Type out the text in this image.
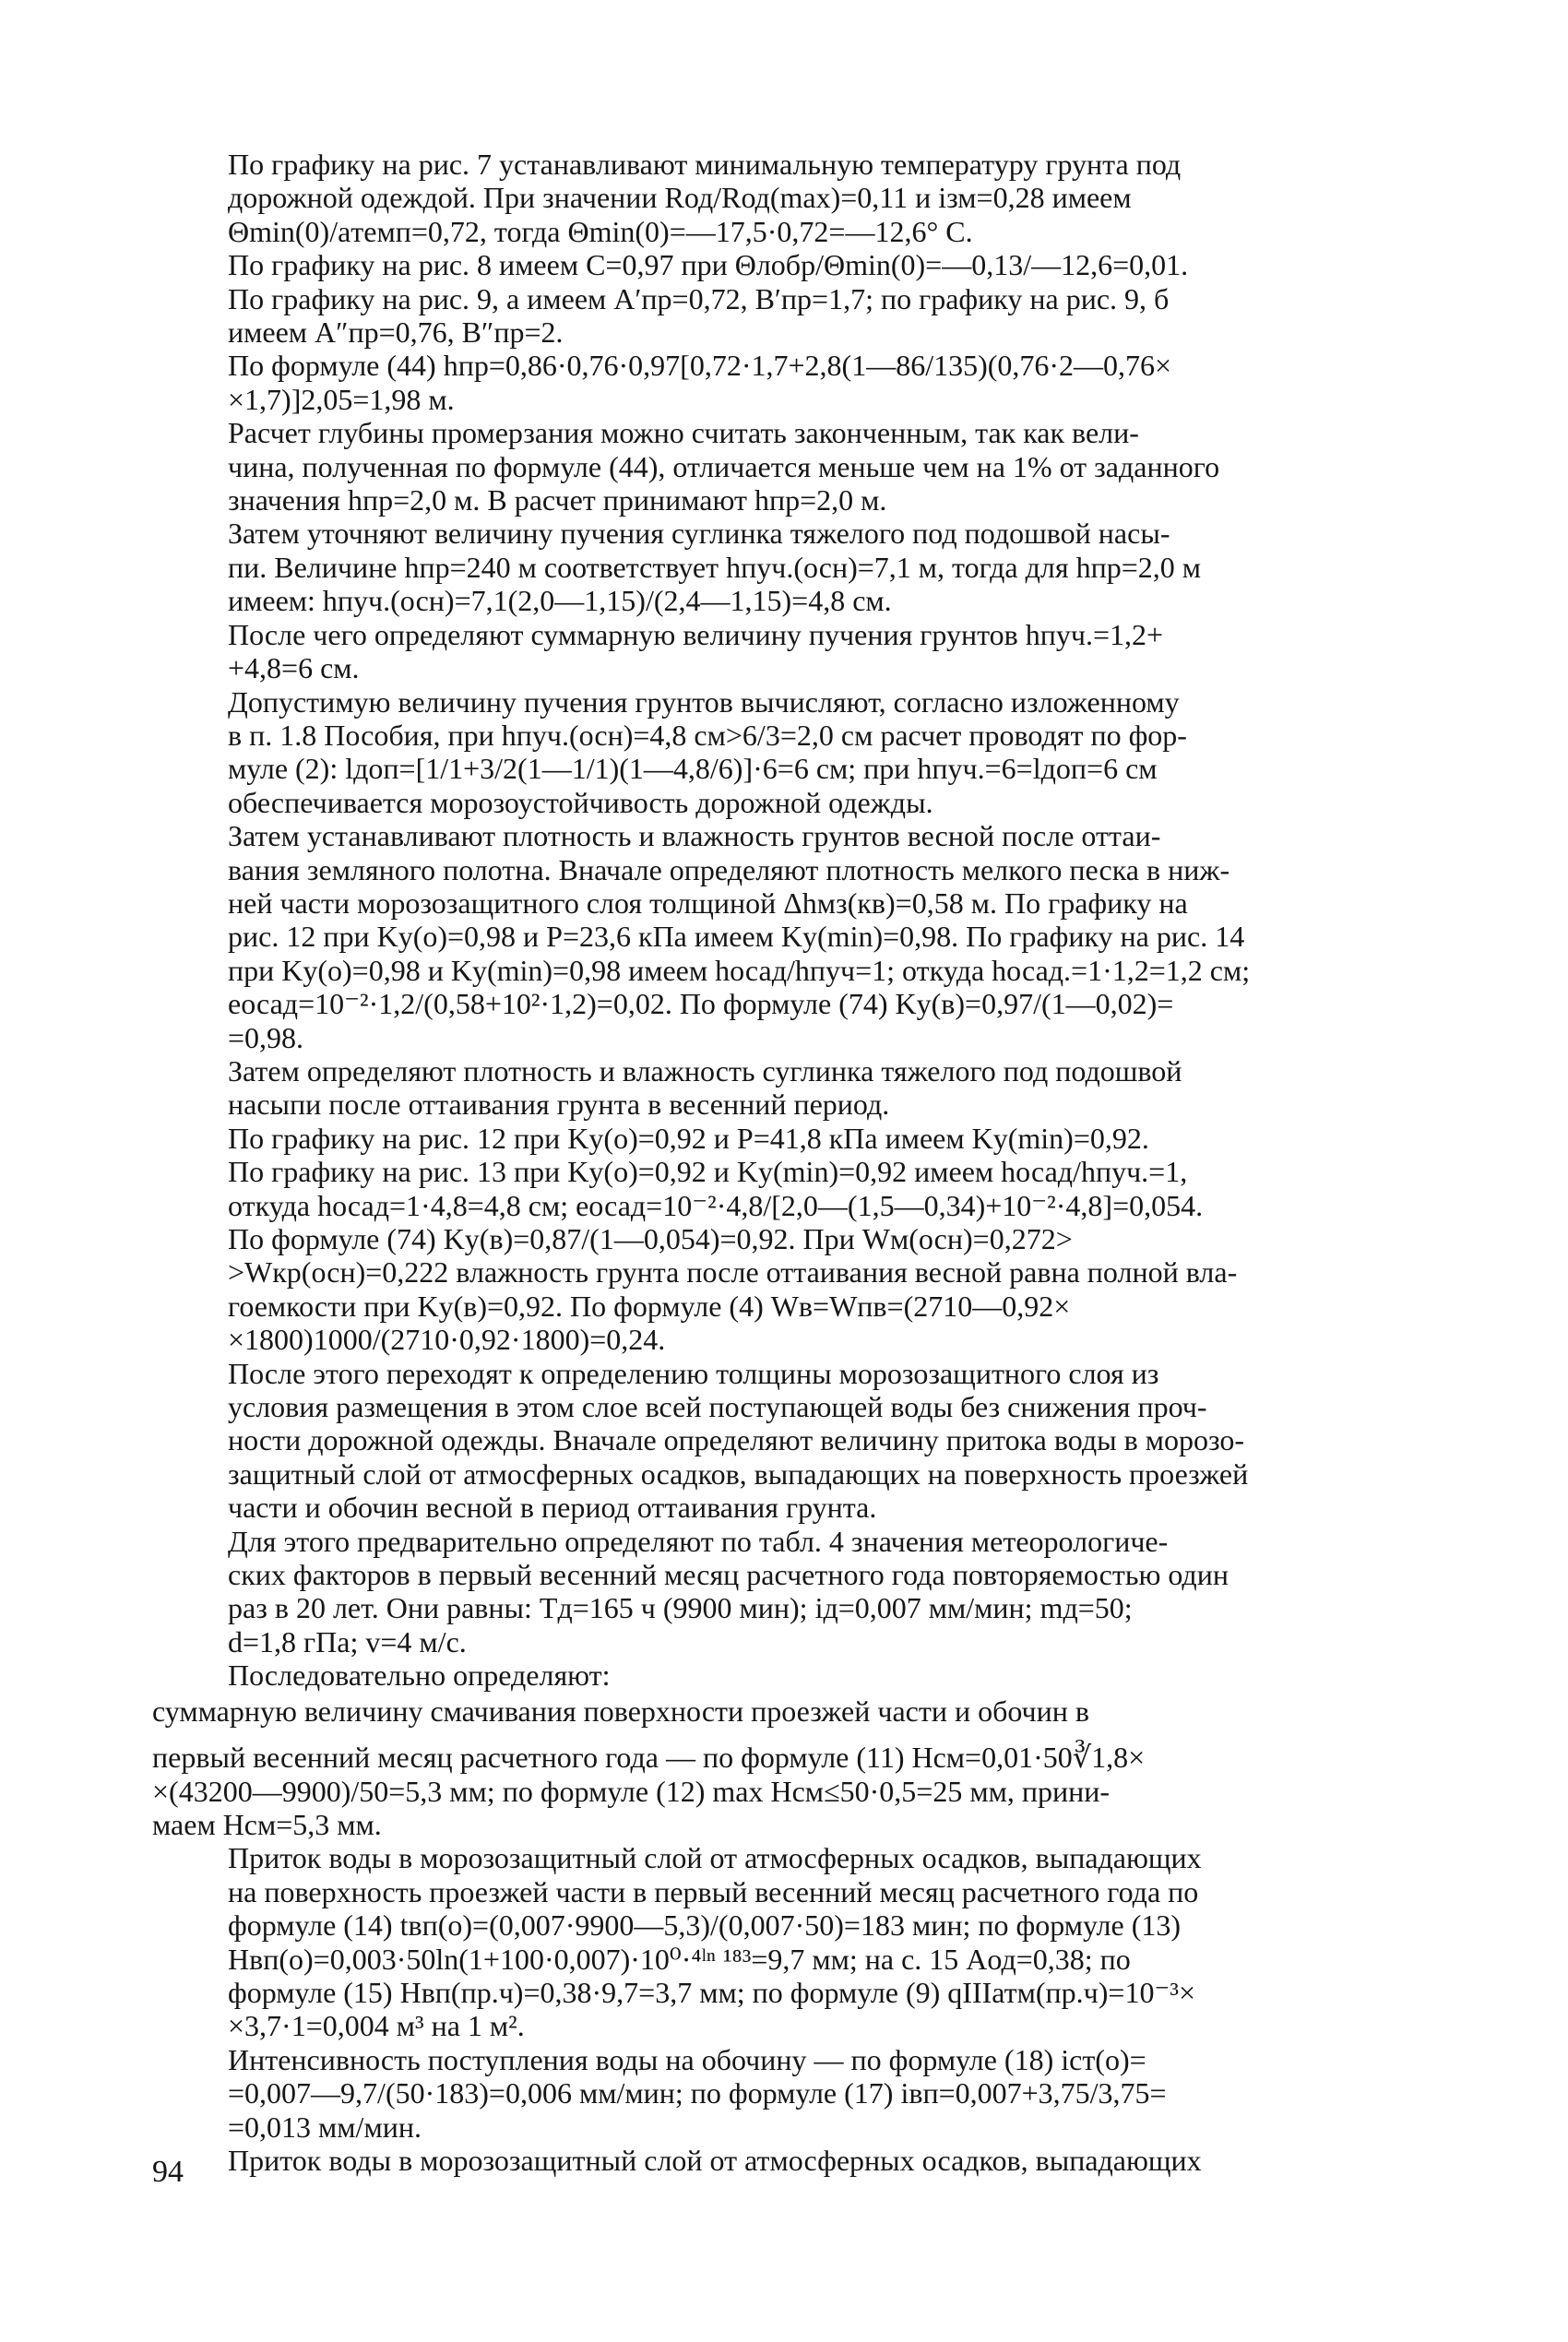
По графику на рис. 7 устанавливают минимальную температуру грунта под
дорожной одеждой. При значении Rод/Rод(max)=0,11 и iзм=0,28 имеем
Θmin(0)/aтемп=0,72, тогда Θmin(0)=—17,5·0,72=—12,6° С.
По графику на рис. 8 имеем C=0,97 при Θлобр/Θmin(0)=—0,13/—12,6=0,01.
По графику на рис. 9, а имеем A′пр=0,72, B′пр=1,7; по графику на рис. 9, б
имеем A″пр=0,76, B″пр=2.
По формуле (44) hпр=0,86·0,76·0,97[0,72·1,7+2,8(1—86/135)(0,76·2—0,76×
×1,7)]2,05=1,98 м.
Расчет глубины промерзания можно считать законченным, так как вели-
чина, полученная по формуле (44), отличается меньше чем на 1% от заданного
значения hпр=2,0 м. В расчет принимают hпр=2,0 м.
Затем уточняют величину пучения суглинка тяжелого под подошвой насы-
пи. Величине hпр=240 м соответствует hпуч.(осн)=7,1 м, тогда для hпр=2,0 м
имеем: hпуч.(осн)=7,1(2,0—1,15)/(2,4—1,15)=4,8 см.
После чего определяют суммарную величину пучения грунтов hпуч.=1,2+
+4,8=6 см.
Допустимую величину пучения грунтов вычисляют, согласно изложенному
в п. 1.8 Пособия, при hпуч.(осн)=4,8 см>6/3=2,0 см расчет проводят по фор-
муле (2): lдоп=[1/1+3/2(1—1/1)(1—4,8/6)]·6=6 см; при hпуч.=6=lдоп=6 см
обеспечивается морозоустойчивость дорожной одежды.
Затем устанавливают плотность и влажность грунтов весной после оттаи-
вания земляного полотна. Вначале определяют плотность мелкого песка в ниж-
ней части морозозащитного слоя толщиной Δhмз(кв)=0,58 м. По графику на
рис. 12 при Kу(о)=0,98 и P=23,6 кПа имеем Kу(min)=0,98. По графику на рис. 14
при Kу(о)=0,98 и Kу(min)=0,98 имеем hосад/hпуч=1; откуда hосад.=1·1,2=1,2 см;
eосад=10⁻²·1,2/(0,58+10²·1,2)=0,02. По формуле (74) Kу(в)=0,97/(1—0,02)=
=0,98.
Затем определяют плотность и влажность суглинка тяжелого под подошвой
насыпи после оттаивания грунта в весенний период.
По графику на рис. 12 при Kу(о)=0,92 и P=41,8 кПа имеем Kу(min)=0,92.
По графику на рис. 13 при Kу(о)=0,92 и Kу(min)=0,92 имеем hосад/hпуч.=1,
откуда hосад=1·4,8=4,8 см; eосад=10⁻²·4,8/[2,0—(1,5—0,34)+10⁻²·4,8]=0,054.
По формуле (74) Kу(в)=0,87/(1—0,054)=0,92. При Wм(осн)=0,272>
>Wкр(осн)=0,222 влажность грунта после оттаивания весной равна полной вла-
гоемкости при Kу(в)=0,92. По формуле (4) Wв=Wпв=(2710—0,92×
×1800)1000/(2710·0,92·1800)=0,24.
После этого переходят к определению толщины морозозащитного слоя из
условия размещения в этом слое всей поступающей воды без снижения проч-
ности дорожной одежды. Вначале определяют величину притока воды в морозо-
защитный слой от атмосферных осадков, выпадающих на поверхность проезжей
части и обочин весной в период оттаивания грунта.
Для этого предварительно определяют по табл. 4 значения метеорологиче-
ских факторов в первый весенний месяц расчетного года повторяемостью один
раз в 20 лет. Они равны: Tд=165 ч (9900 мин); iд=0,007 мм/мин; mд=50;
d=1,8 гПа; v=4 м/с.
Последовательно определяют:
суммарную величину смачивания поверхности проезжей части и обочин в
первый весенний месяц расчетного года — по формуле (11) Hсм=0,01·50∛1,8×
×(43200—9900)/50=5,3 мм; по формуле (12) max Hсм≤50·0,5=25 мм, прини-
маем Hсм=5,3 мм.
Приток воды в морозозащитный слой от атмосферных осадков, выпадающих
на поверхность проезжей части в первый весенний месяц расчетного года по
формуле (14) tвп(о)=(0,007·9900—5,3)/(0,007·50)=183 мин; по формуле (13)
Hвп(о)=0,003·50ln(1+100·0,007)·10⁰·⁴ˡⁿ ¹⁸³=9,7 мм; на с. 15 Aод=0,38; по
формуле (15) Hвп(пр.ч)=0,38·9,7=3,7 мм; по формуле (9) qIIIатм(пр.ч)=10⁻³×
×3,7·1=0,004 м³ на 1 м².
Интенсивность поступления воды на обочину — по формуле (18) iст(о)=
=0,007—9,7/(50·183)=0,006 мм/мин; по формуле (17) iвп=0,007+3,75/3,75=
=0,013 мм/мин.
Приток воды в морозозащитный слой от атмосферных осадков, выпадающих
94
